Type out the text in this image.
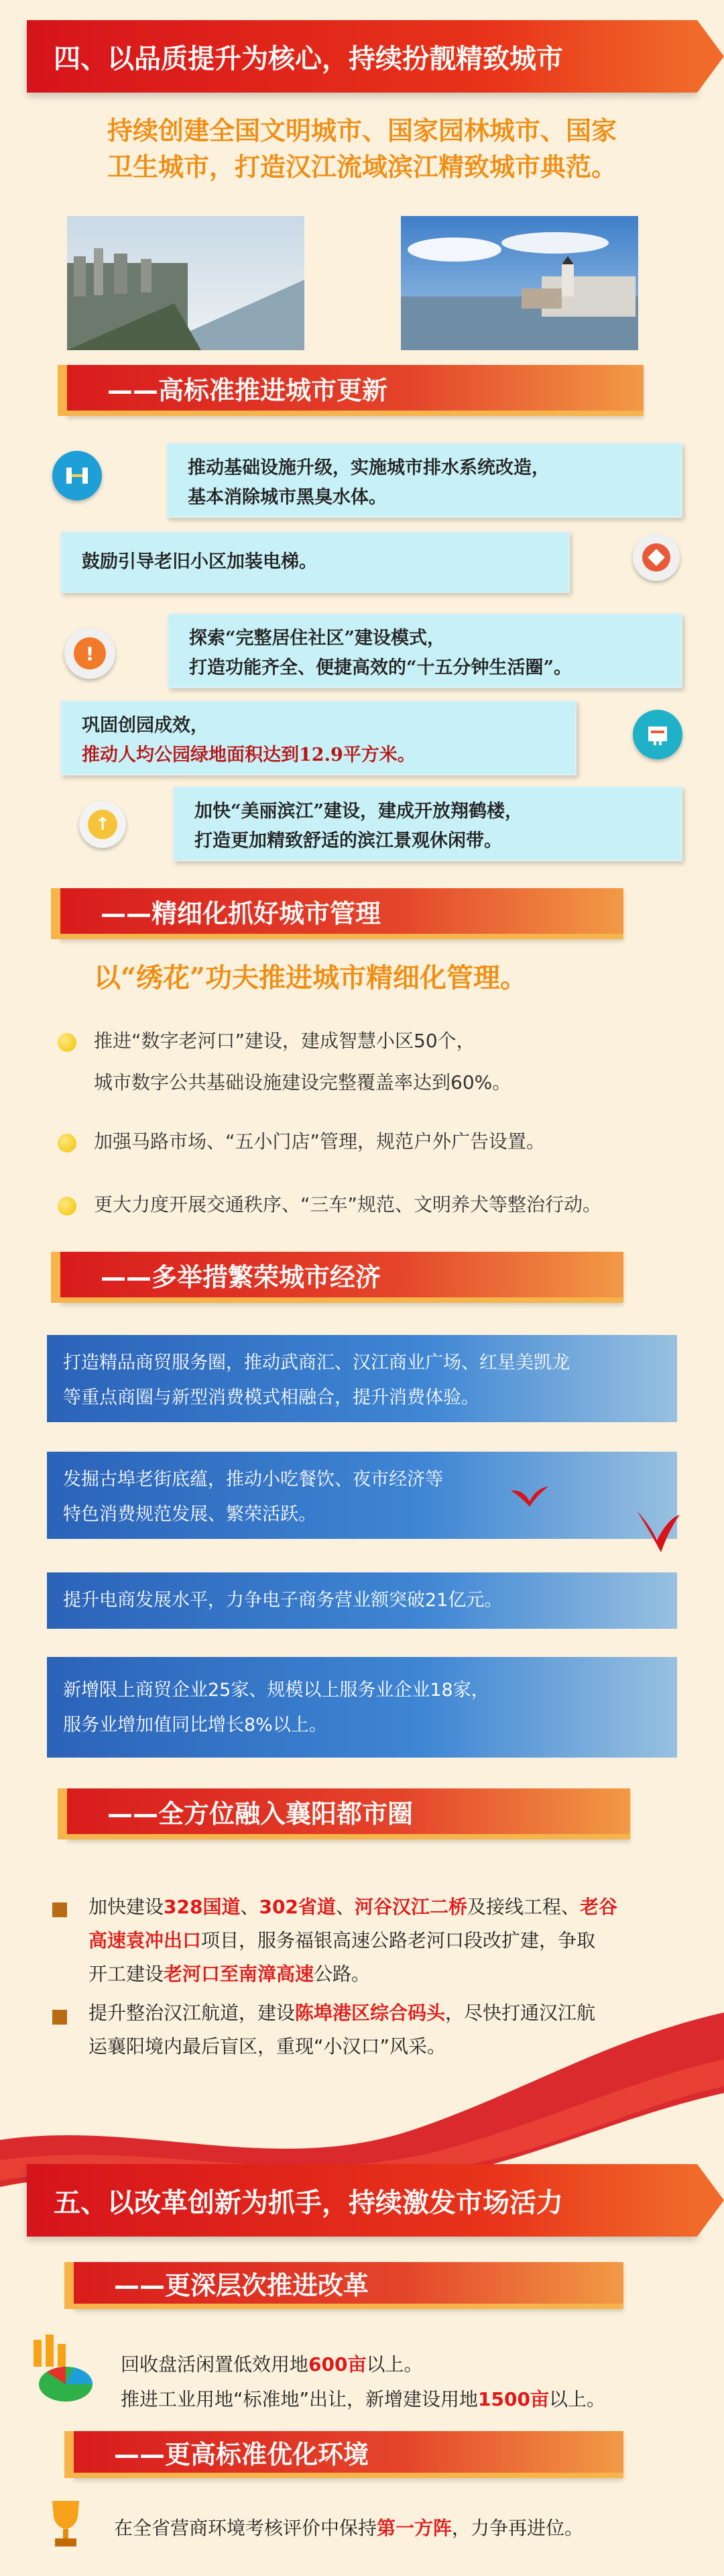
四、以品质提升为核心，持续扮靓精致城市
持续创建全国文明城市、国家园林城市、国家
卫生城市，打造汉江流域滨江精致城市典范。
——高标准推进城市更新
推动基础设施升级，实施城市排水系统改造，
基本消除城市黑臭水体。
鼓励引导老旧小区加装电梯。
!
探索“完整居住社区”建设模式，
打造功能齐全、便捷高效的“十五分钟生活圈”。
巩固创园成效，
推动人均公园绿地面积达到12.9平方米。
↑
加快“美丽滨江”建设，建成开放翔鹤楼，
打造更加精致舒适的滨江景观休闲带。
——精细化抓好城市管理
以“绣花”功夫推进城市精细化管理。
推进“数字老河口”建设，建成智慧小区50个，
城市数字公共基础设施建设完整覆盖率达到60%。
加强马路市场、“五小门店”管理，规范户外广告设置。
更大力度开展交通秩序、“三车”规范、文明养犬等整治行动。
——多举措繁荣城市经济
打造精品商贸服务圈，推动武商汇、汉江商业广场、红星美凯龙
等重点商圈与新型消费模式相融合，提升消费体验。
发掘古埠老街底蕴，推动小吃餐饮、夜市经济等
特色消费规范发展、繁荣活跃。
提升电商发展水平，力争电子商务营业额突破21亿元。
新增限上商贸企业25家、规模以上服务业企业18家，
服务业增加值同比增长8%以上。
——全方位融入襄阳都市圈
加快建设328国道、302省道、河谷汉江二桥及接线工程、老谷
高速袁冲出口项目，服务福银高速公路老河口段改扩建，争取
开工建设老河口至南漳高速公路。
提升整治汉江航道，建设陈埠港区综合码头，尽快打通汉江航
运襄阳境内最后盲区，重现“小汉口”风采。
五、以改革创新为抓手，持续激发市场活力
——更深层次推进改革
回收盘活闲置低效用地600亩以上。
推进工业用地“标准地”出让，新增建设用地1500亩以上。
——更高标准优化环境
在全省营商环境考核评价中保持第一方阵，力争再进位。
